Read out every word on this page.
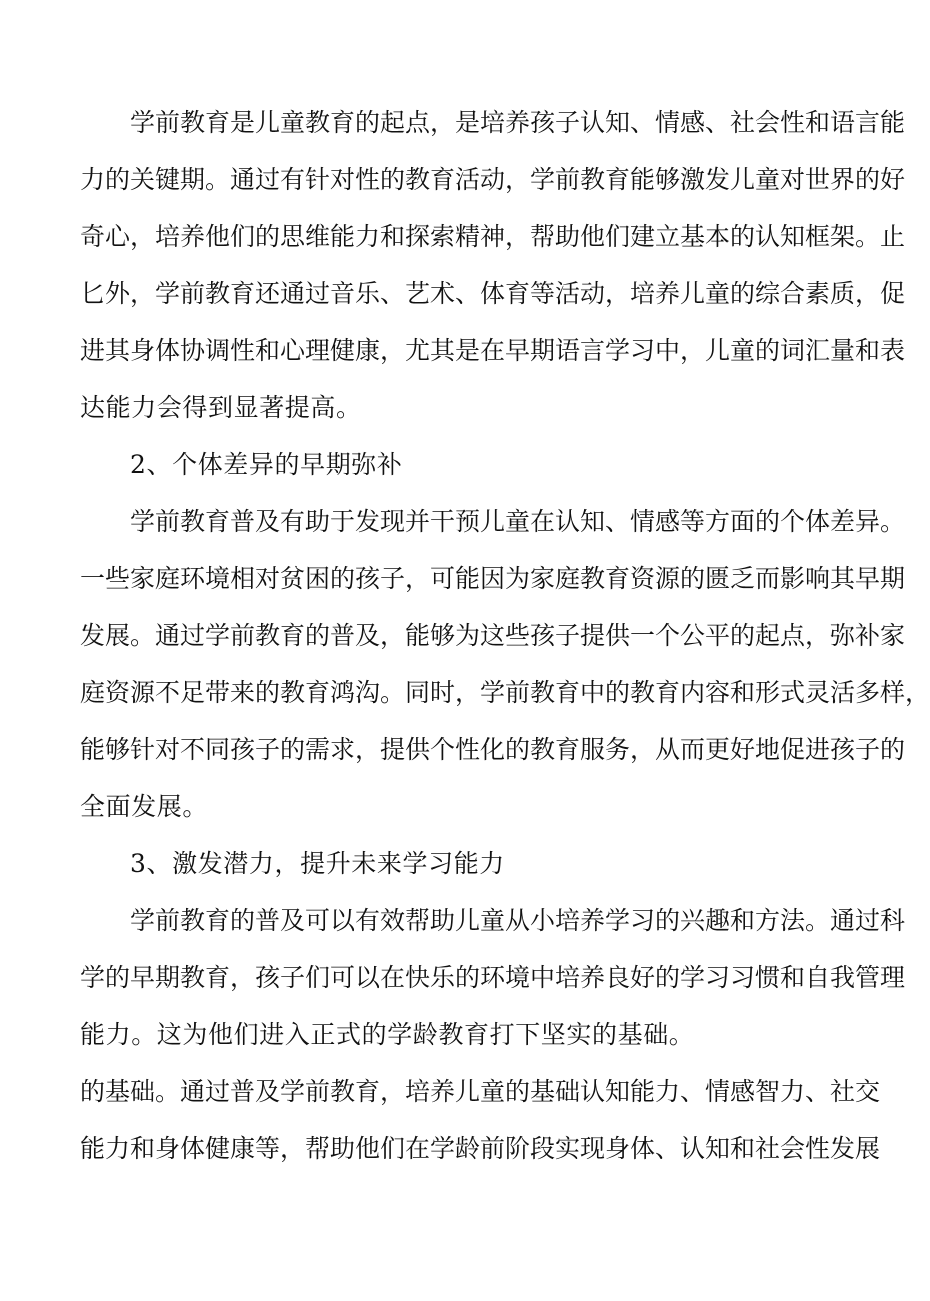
学前教育是儿童教育的起点，是培养孩子认知、情感、社会性和语言能
力的关键期。通过有针对性的教育活动，学前教育能够激发儿童对世界的好
奇心，培养他们的思维能力和探索精神，帮助他们建立基本的认知框架。止
匕外，学前教育还通过音乐、艺术、体育等活动，培养儿童的综合素质，促
进其身体协调性和心理健康，尤其是在早期语言学习中，儿童的词汇量和表
达能力会得到显著提高。
2、个体差异的早期弥补
学前教育普及有助于发现并干预儿童在认知、情感等方面的个体差异。
一些家庭环境相对贫困的孩子，可能因为家庭教育资源的匮乏而影响其早期
发展。通过学前教育的普及，能够为这些孩子提供一个公平的起点，弥补家
庭资源不足带来的教育鸿沟。同时，学前教育中的教育内容和形式灵活多样，
能够针对不同孩子的需求，提供个性化的教育服务，从而更好地促进孩子的
全面发展。
3、激发潜力，提升未来学习能力
学前教育的普及可以有效帮助儿童从小培养学习的兴趣和方法。通过科
学的早期教育，孩子们可以在快乐的环境中培养良好的学习习惯和自我管理
能力。这为他们进入正式的学龄教育打下坚实的基础。
的基础。通过普及学前教育，培养儿童的基础认知能力、情感智力、社交
能力和身体健康等，帮助他们在学龄前阶段实现身体、认知和社会性发展
